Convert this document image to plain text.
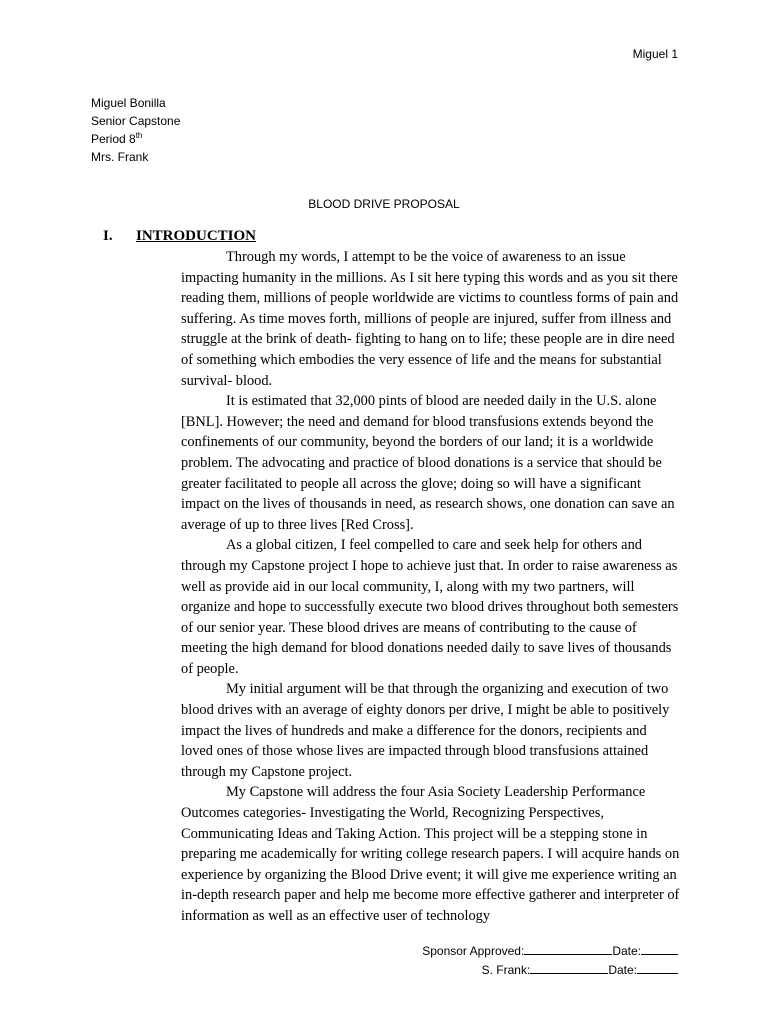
Miguel 1
Miguel Bonilla
Senior Capstone
Period 8th
Mrs. Frank
BLOOD DRIVE PROPOSAL
I. INTRODUCTION

Through my words, I attempt to be the voice of awareness to an issue impacting humanity in the millions. As I sit here typing this words and as you sit there reading them, millions of people worldwide are victims to countless forms of pain and suffering. As time moves forth, millions of people are injured, suffer from illness and struggle at the brink of death- fighting to hang on to life; these people are in dire need of something which embodies the very essence of life and the means for substantial survival- blood.

It is estimated that 32,000 pints of blood are needed daily in the U.S. alone [BNL]. However; the need and demand for blood transfusions extends beyond the confinements of our community, beyond the borders of our land; it is a worldwide problem. The advocating and practice of blood donations is a service that should be greater facilitated to people all across the glove; doing so will have a significant impact on the lives of thousands in need, as research shows, one donation can save an average of up to three lives [Red Cross].

As a global citizen, I feel compelled to care and seek help for others and through my Capstone project I hope to achieve just that. In order to raise awareness as well as provide aid in our local community, I, along with my two partners, will organize and hope to successfully execute two blood drives throughout both semesters of our senior year. These blood drives are means of contributing to the cause of meeting the high demand for blood donations needed daily to save lives of thousands of people.

My initial argument will be that through the organizing and execution of two blood drives with an average of eighty donors per drive, I might be able to positively impact the lives of hundreds and make a difference for the donors, recipients and loved ones of those whose lives are impacted through blood transfusions attained through my Capstone project.

My Capstone will address the four Asia Society Leadership Performance Outcomes categories- Investigating the World, Recognizing Perspectives, Communicating Ideas and Taking Action. This project will be a stepping stone in preparing me academically for writing college research papers. I will acquire hands on experience by organizing the Blood Drive event; it will give me experience writing an in-depth research paper and help me become more effective gatherer and interpreter of information as well as an effective user of technology

Sponsor Approved:	Date:
S. Frank:	Date:
